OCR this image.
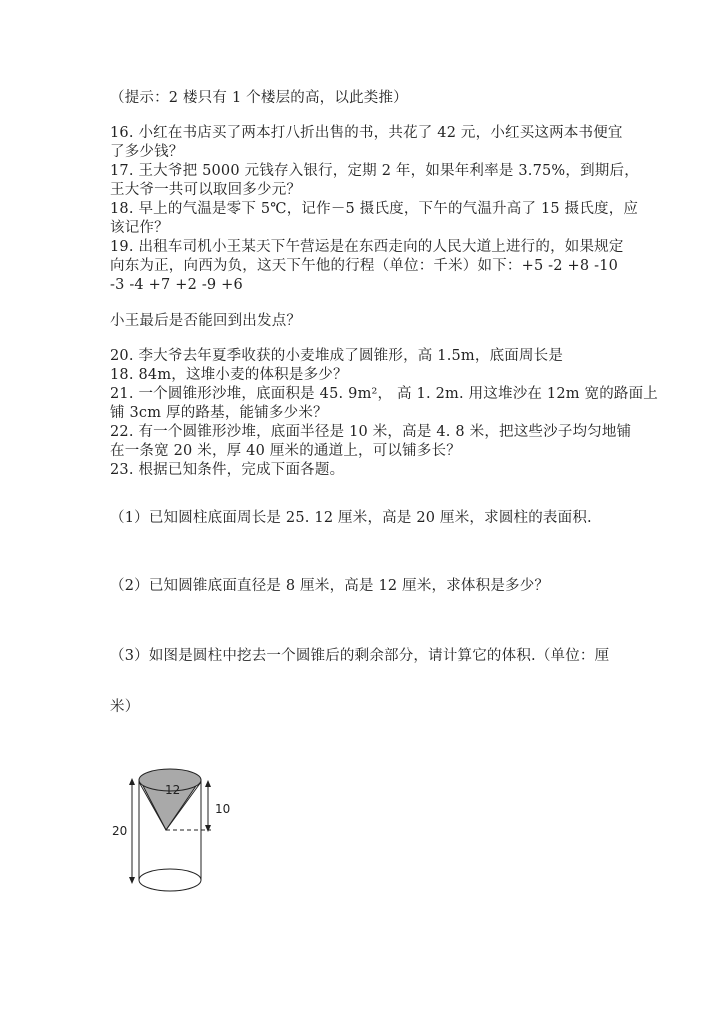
（提示：2 楼只有 1 个楼层的高，以此类推）
16. 小红在书店买了两本打八折出售的书，共花了 42 元，小红买这两本书便宜
了多少钱？
17. 王大爷把 5000 元钱存入银行，定期 2 年，如果年利率是 3.75%，到期后，
王大爷一共可以取回多少元？
18. 早上的气温是零下 5℃，记作－5 摄氏度，下午的气温升高了 15 摄氏度，应
该记作？
19. 出租车司机小王某天下午营运是在东西走向的人民大道上进行的，如果规定
向东为正，向西为负，这天下午他的行程（单位：千米）如下：+5 -2 +8 -10
-3 -4 +7 +2 -9 +6
小王最后是否能回到出发点？
20. 李大爷去年夏季收获的小麦堆成了圆锥形，高 1.5m，底面周长是
18. 84m，这堆小麦的体积是多少？
21. 一个圆锥形沙堆，底面积是 45. 9m²， 高 1. 2m. 用这堆沙在 12m 宽的路面上
铺 3cm 厚的路基，能铺多少米？
22. 有一个圆锥形沙堆，底面半径是 10 米，高是 4. 8 米，把这些沙子均匀地铺
在一条宽 20 米，厚 40 厘米的通道上，可以铺多长？
23. 根据已知条件，完成下面各题。
（1）已知圆柱底面周长是 25. 12 厘米，高是 20 厘米，求圆柱的表面积.
（2）已知圆锥底面直径是 8 厘米，高是 12 厘米，求体积是多少？
（3）如图是圆柱中挖去一个圆锥后的剩余部分，请计算它的体积.（单位：厘
米）
12
10
20
